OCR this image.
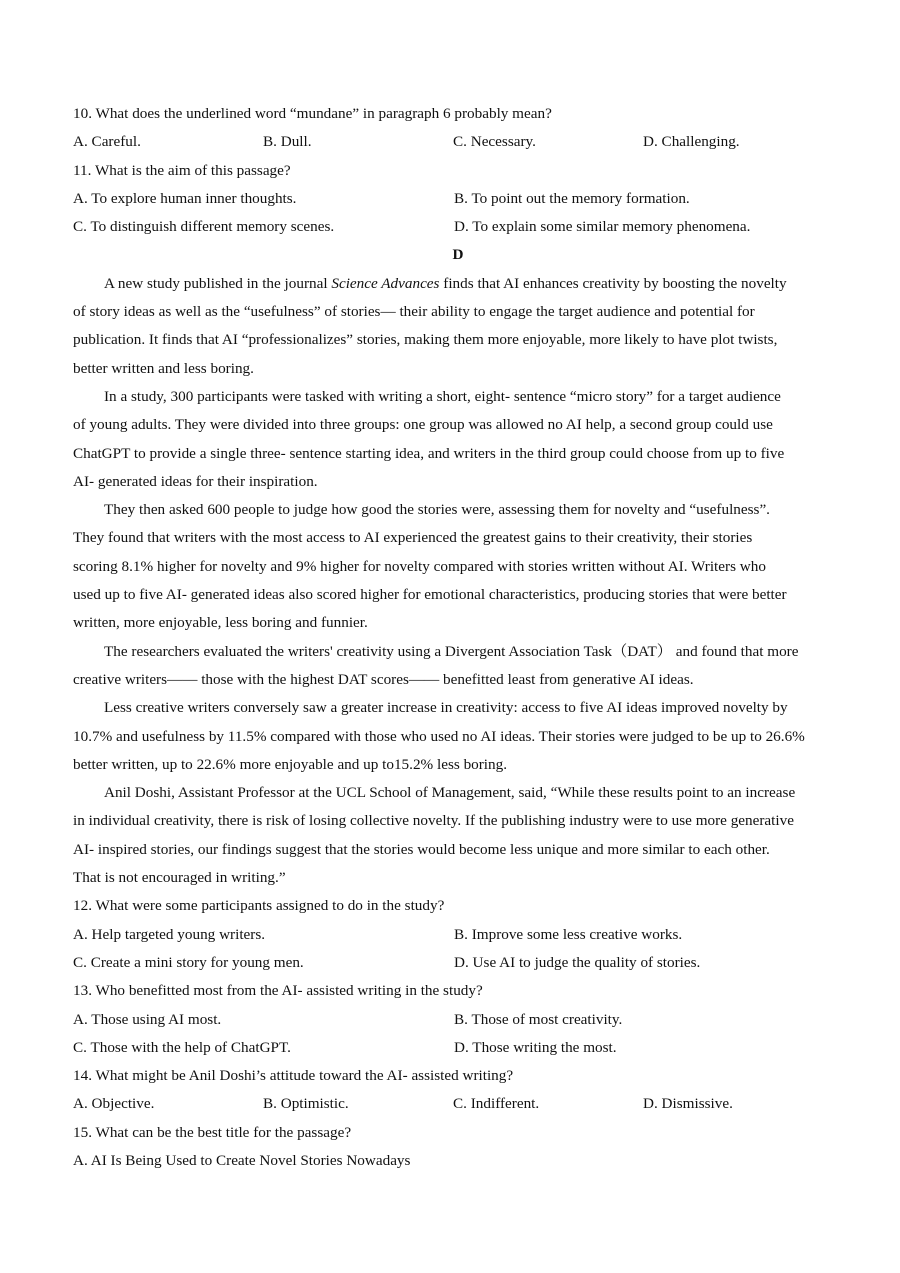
10. What does the underlined word “mundane” in paragraph 6 probably mean?
A. Careful.	B. Dull.	C. Necessary.	D. Challenging.
11. What is the aim of this passage?
A. To explore human inner thoughts.	B. To point out the memory formation.
C. To distinguish different memory scenes.	D. To explain some similar memory phenomena.
D
A new study published in the journal Science Advances finds that AI enhances creativity by boosting the novelty
of story ideas as well as the “usefulness” of stories— their ability to engage the target audience and potential for
publication. It finds that AI “professionalizes” stories, making them more enjoyable, more likely to have plot twists,
better written and less boring.
In a study, 300 participants were tasked with writing a short, eight- sentence “micro story” for a target audience
of young adults. They were divided into three groups: one group was allowed no AI help, a second group could use
ChatGPT to provide a single three- sentence starting idea, and writers in the third group could choose from up to five
AI- generated ideas for their inspiration.
They then asked 600 people to judge how good the stories were, assessing them for novelty and “usefulness”.
They found that writers with the most access to AI experienced the greatest gains to their creativity, their stories
scoring 8.1% higher for novelty and 9% higher for novelty compared with stories written without AI. Writers who
used up to five AI- generated ideas also scored higher for emotional characteristics, producing stories that were better
written, more enjoyable, less boring and funnier.
The researchers evaluated the writers' creativity using a Divergent Association Task（DAT） and found that more
creative writers—— those with the highest DAT scores—— benefitted least from generative AI ideas.
Less creative writers conversely saw a greater increase in creativity: access to five AI ideas improved novelty by
10.7% and usefulness by 11.5% compared with those who used no AI ideas. Their stories were judged to be up to 26.6%
better written, up to 22.6% more enjoyable and up to15.2% less boring.
Anil Doshi, Assistant Professor at the UCL School of Management, said, “While these results point to an increase
in individual creativity, there is risk of losing collective novelty. If the publishing industry were to use more generative
AI- inspired stories, our findings suggest that the stories would become less unique and more similar to each other.
That is not encouraged in writing.”
12. What were some participants assigned to do in the study?
A. Help targeted young writers.	B. Improve some less creative works.
C. Create a mini story for young men.	D. Use AI to judge the quality of stories.
13. Who benefitted most from the AI- assisted writing in the study?
A. Those using AI most.	B. Those of most creativity.
C. Those with the help of ChatGPT.	D. Those writing the most.
14. What might be Anil Doshi’s attitude toward the AI- assisted writing?
A. Objective.	B. Optimistic.	C. Indifferent.	D. Dismissive.
15. What can be the best title for the passage?
A. AI Is Being Used to Create Novel Stories Nowadays
